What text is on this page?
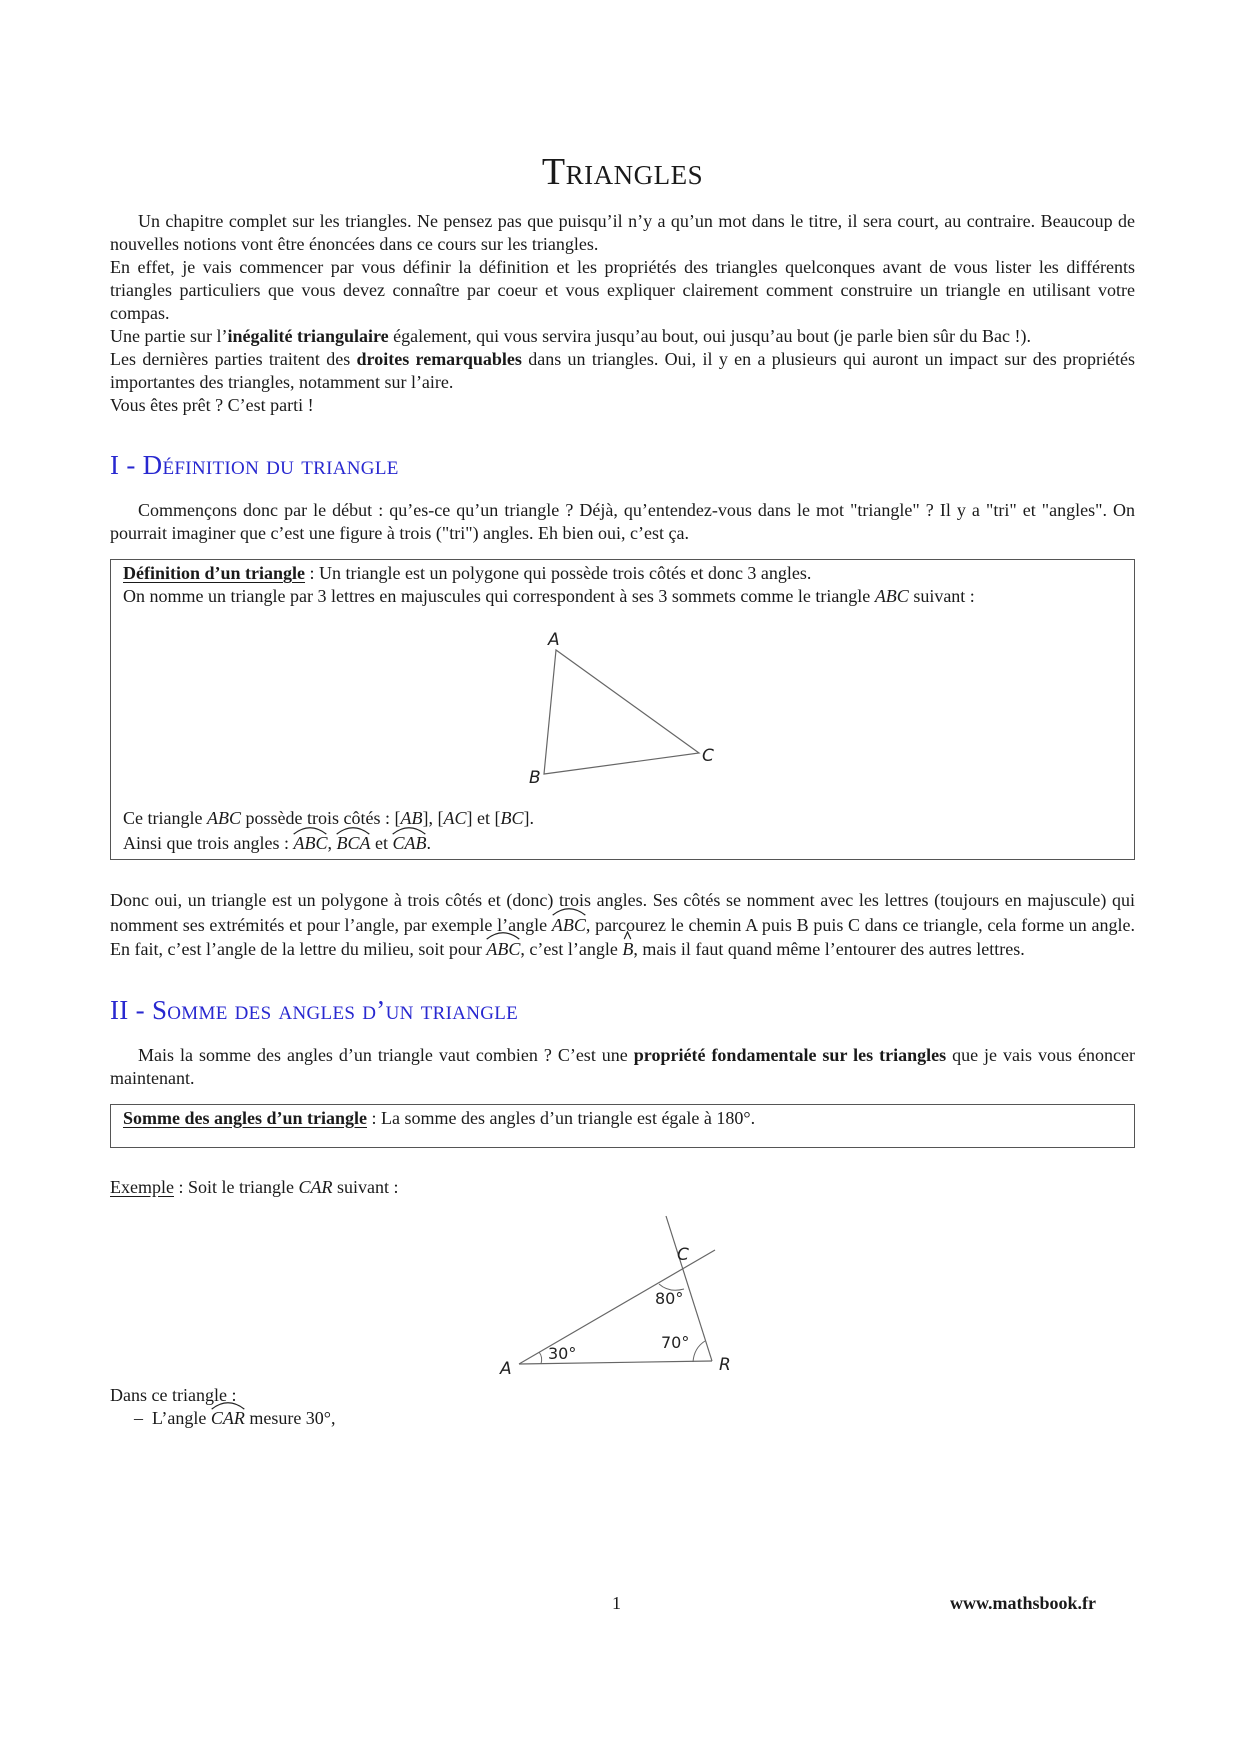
Triangles

Un chapitre complet sur les triangles. Ne pensez pas que puisqu’il n’y a qu’un mot dans le titre, il sera court, au contraire. Beaucoup de nouvelles notions vont être énoncées dans ce cours sur les triangles.

En effet, je vais commencer par vous définir la définition et les propriétés des triangles quelconques avant de vous lister les différents triangles particuliers que vous devez connaître par coeur et vous expliquer clairement comment construire un triangle en utilisant votre compas.

Une partie sur l’inégalité triangulaire également, qui vous servira jusqu’au bout, oui jusqu’au bout (je parle bien sûr du Bac !).

Les dernières parties traitent des droites remarquables dans un triangles. Oui, il y en a plusieurs qui auront un impact sur des propriétés importantes des triangles, notamment sur l’aire.

Vous êtes prêt ? C’est parti !

I - Définition du triangle

Commençons donc par le début : qu’es-ce qu’un triangle ? Déjà, qu’entendez-vous dans le mot "triangle" ? Il y a "tri" et "angles". On pourrait imaginer que c’est une figure à trois ("tri") angles. Eh bien oui, c’est ça.

Définition d’un triangle : Un triangle est un polygone qui possède trois côtés et donc 3 angles.

On nomme un triangle par 3 lettres en majuscules qui correspondent à ses 3 sommets comme le triangle ABC suivant :

A
B
C

Ce triangle ABC possède trois côtés : [AB], [AC] et [BC].

Ainsi que trois angles :
ABC,
BCA et
CAB.

Donc oui, un triangle est un polygone à trois côtés et (donc) trois angles. Ses côtés se nomment avec les lettres (toujours en majuscule) qui nomment ses extrémités et pour l’angle, par exemple l’angle
ABC, parcourez le chemin A puis B puis C dans ce triangle, cela forme un angle. En fait, c’est l’angle de la lettre du milieu, soit pour
ABC, c’est l’angle
B, mais il faut quand même l’entourer des autres lettres.

II - Somme des angles d’un triangle

Mais la somme des angles d’un triangle vaut combien ? C’est une propriété fondamentale sur les triangles que je vais vous énoncer maintenant.

Somme des angles d’un triangle : La somme des angles d’un triangle est égale à 180°.

Exemple : Soit le triangle CAR suivant :

C
A	R
80°
30°
70°

Dans ce triangle :

– L’angle
CAR mesure 30°,
1	www.mathsbook.fr
